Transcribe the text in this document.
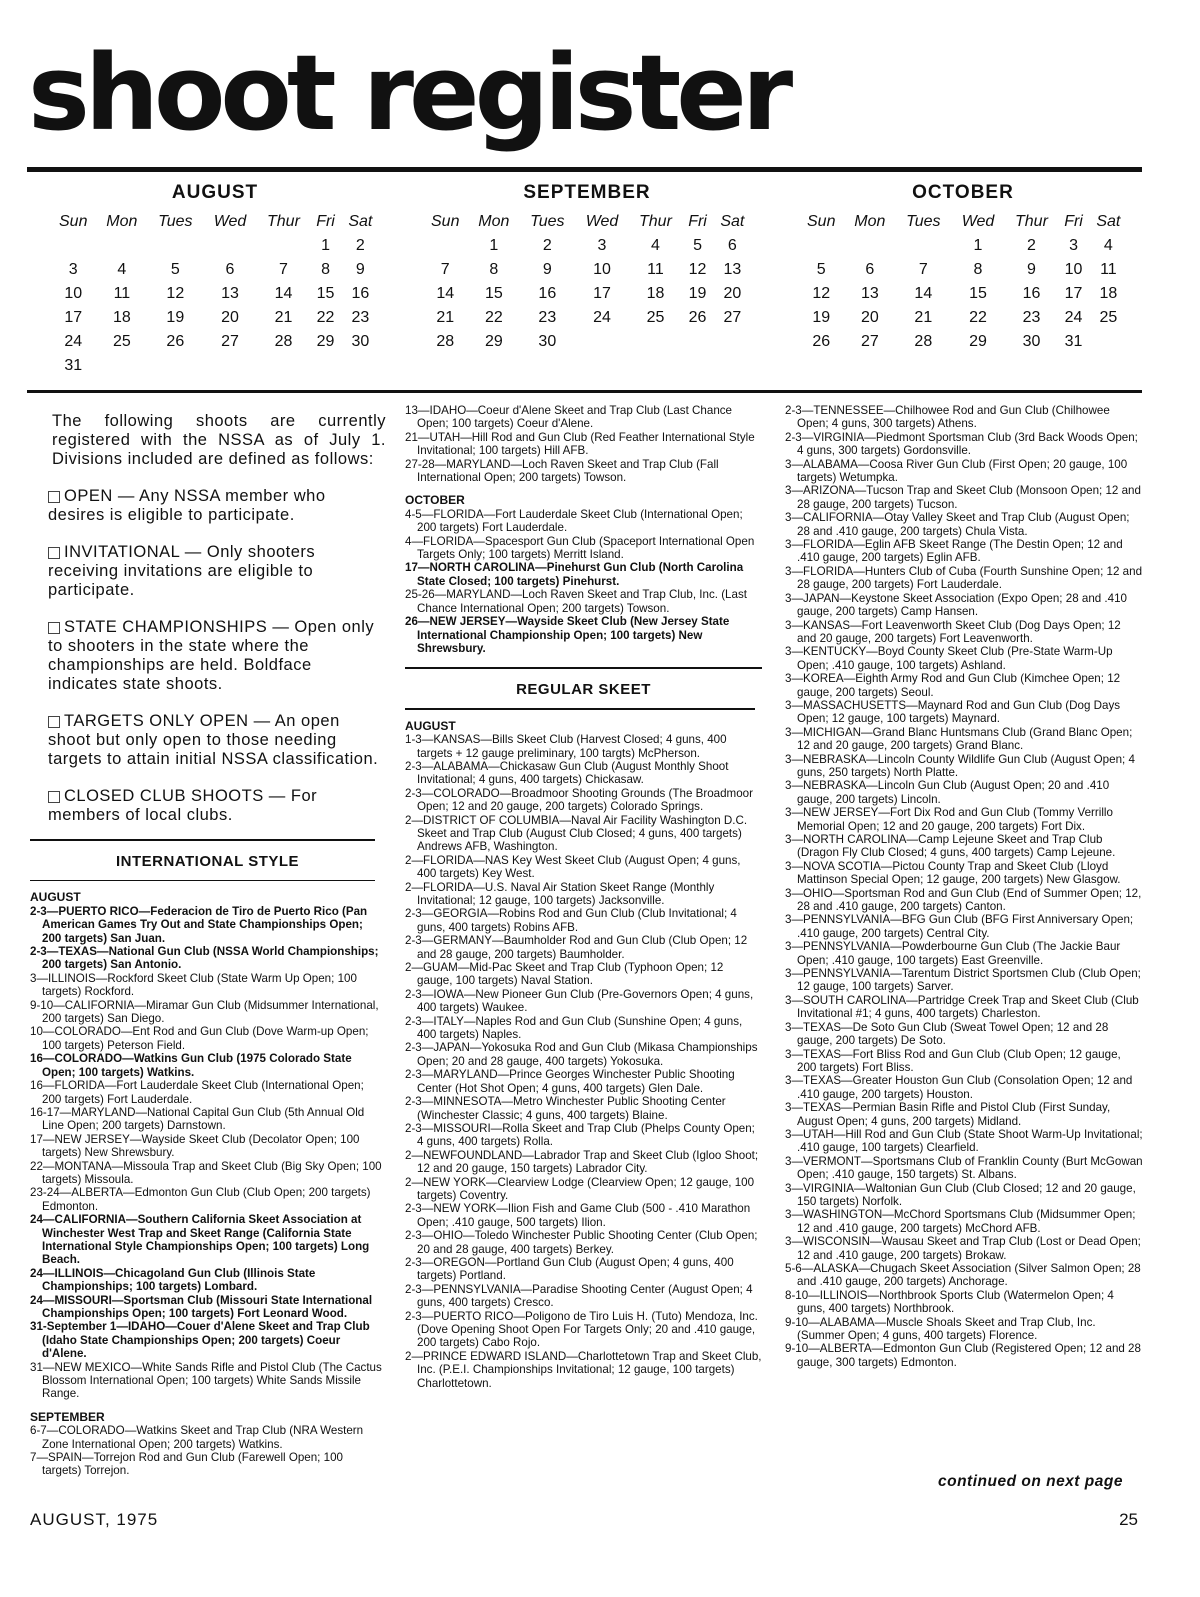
shoot register
AUGUST
Sun	Mon	Tues	Wed	Thur	Fri	Sat
					1	2
3	4	5	6	7	8	9
10	11	12	13	14	15	16
17	18	19	20	21	22	23
24	25	26	27	28	29	30
31						
SEPTEMBER
Sun	Mon	Tues	Wed	Thur	Fri	Sat
	1	2	3	4	5	6
7	8	9	10	11	12	13
14	15	16	17	18	19	20
21	22	23	24	25	26	27
28	29	30				
OCTOBER
Sun	Mon	Tues	Wed	Thur	Fri	Sat
			1	2	3	4
5	6	7	8	9	10	11
12	13	14	15	16	17	18
19	20	21	22	23	24	25
26	27	28	29	30	31	

The following shoots are currently registered with the NSSA as of July 1. Divisions included are defined as follows:

OPEN — Any NSSA member who desires is eligible to participate.
INVITATIONAL — Only shooters receiving invitations are eligible to participate.
STATE CHAMPIONSHIPS — Open only to shooters in the state where the championships are held. Boldface indicates state shoots.
TARGETS ONLY OPEN — An open shoot but only open to those needing targets to attain initial NSSA classification.
CLOSED CLUB SHOOTS — For members of local clubs.
INTERNATIONAL STYLE
AUGUST

2-3—PUERTO RICO—Federacion de Tiro de Puerto Rico (Pan American Games Try Out and State Championships Open; 200 targets) San Juan.

2-3—TEXAS—National Gun Club (NSSA World Championships; 200 targets) San Antonio.

3—ILLINOIS—Rockford Skeet Club (State Warm Up Open; 100 targets) Rockford.

9-10—CALIFORNIA—Miramar Gun Club (Midsummer International, 200 targets) San Diego.

10—COLORADO—Ent Rod and Gun Club (Dove Warm-up Open; 100 targets) Peterson Field.

16—COLORADO—Watkins Gun Club (1975 Colorado State Open; 100 targets) Watkins.

16—FLORIDA—Fort Lauderdale Skeet Club (International Open; 200 targets) Fort Lauderdale.

16-17—MARYLAND—National Capital Gun Club (5th Annual Old Line Open; 200 targets) Darnstown.

17—NEW JERSEY—Wayside Skeet Club (Decolator Open; 100 targets) New Shrewsbury.

22—MONTANA—Missoula Trap and Skeet Club (Big Sky Open; 100 targets) Missoula.

23-24—ALBERTA—Edmonton Gun Club (Club Open; 200 targets) Edmonton.

24—CALIFORNIA—Southern California Skeet Association at Winchester West Trap and Skeet Range (California State International Style Championships Open; 100 targets) Long Beach.

24—ILLINOIS—Chicagoland Gun Club (Illinois State Championships; 100 targets) Lombard.

24—MISSOURI—Sportsman Club (Missouri State International Championships Open; 100 targets) Fort Leonard Wood.

31-September 1—IDAHO—Couer d'Alene Skeet and Trap Club (Idaho State Championships Open; 200 targets) Coeur d'Alene.

31—NEW MEXICO—White Sands Rifle and Pistol Club (The Cactus Blossom International Open; 100 targets) White Sands Missile Range.

SEPTEMBER

6-7—COLORADO—Watkins Skeet and Trap Club (NRA Western Zone International Open; 200 targets) Watkins.

7—SPAIN—Torrejon Rod and Gun Club (Farewell Open; 100 targets) Torrejon.

13—IDAHO—Coeur d'Alene Skeet and Trap Club (Last Chance Open; 100 targets) Coeur d'Alene.

21—UTAH—Hill Rod and Gun Club (Red Feather International Style Invitational; 100 targets) Hill AFB.

27-28—MARYLAND—Loch Raven Skeet and Trap Club (Fall International Open; 200 targets) Towson.

OCTOBER

4-5—FLORIDA—Fort Lauderdale Skeet Club (International Open; 200 targets) Fort Lauderdale.

4—FLORIDA—Spacesport Gun Club (Spaceport International Open Targets Only; 100 targets) Merritt Island.

17—NORTH CAROLINA—Pinehurst Gun Club (North Carolina State Closed; 100 targets) Pinehurst.

25-26—MARYLAND—Loch Raven Skeet and Trap Club, Inc. (Last Chance International Open; 200 targets) Towson.

26—NEW JERSEY—Wayside Skeet Club (New Jersey State International Championship Open; 100 targets) New Shrewsbury.

REGULAR SKEET
AUGUST

1-3—KANSAS—Bills Skeet Club (Harvest Closed; 4 guns, 400 targets + 12 gauge preliminary, 100 targts) McPherson.

2-3—ALABAMA—Chickasaw Gun Club (August Monthly Shoot Invitational; 4 guns, 400 targets) Chickasaw.

2-3—COLORADO—Broadmoor Shooting Grounds (The Broadmoor Open; 12 and 20 gauge, 200 targets) Colorado Springs.

2—DISTRICT OF COLUMBIA—Naval Air Facility Washington D.C. Skeet and Trap Club (August Club Closed; 4 guns, 400 targets) Andrews AFB, Washington.

2—FLORIDA—NAS Key West Skeet Club (August Open; 4 guns, 400 targets) Key West.

2—FLORIDA—U.S. Naval Air Station Skeet Range (Monthly Invitational; 12 gauge, 100 targets) Jacksonville.

2-3—GEORGIA—Robins Rod and Gun Club (Club Invitational; 4 guns, 400 targets) Robins AFB.

2-3—GERMANY—Baumholder Rod and Gun Club (Club Open; 12 and 28 gauge, 200 targets) Baumholder.

2—GUAM—Mid-Pac Skeet and Trap Club (Typhoon Open; 12 gauge, 100 targets) Naval Station.

2-3—IOWA—New Pioneer Gun Club (Pre-Governors Open; 4 guns, 400 targets) Waukee.

2-3—ITALY—Naples Rod and Gun Club (Sunshine Open; 4 guns, 400 targets) Naples.

2-3—JAPAN—Yokosuka Rod and Gun Club (Mikasa Championships Open; 20 and 28 gauge, 400 targets) Yokosuka.

2-3—MARYLAND—Prince Georges Winchester Public Shooting Center (Hot Shot Open; 4 guns, 400 targets) Glen Dale.

2-3—MINNESOTA—Metro Winchester Public Shooting Center (Winchester Classic; 4 guns, 400 targets) Blaine.

2-3—MISSOURI—Rolla Skeet and Trap Club (Phelps County Open; 4 guns, 400 targets) Rolla.

2—NEWFOUNDLAND—Labrador Trap and Skeet Club (Igloo Shoot; 12 and 20 gauge, 150 targets) Labrador City.

2—NEW YORK—Clearview Lodge (Clearview Open; 12 gauge, 100 targets) Coventry.

2-3—NEW YORK—Ilion Fish and Game Club (500 - .410 Marathon Open; .410 gauge, 500 targets) Ilion.

2-3—OHIO—Toledo Winchester Public Shooting Center (Club Open; 20 and 28 gauge, 400 targets) Berkey.

2-3—OREGON—Portland Gun Club (August Open; 4 guns, 400 targets) Portland.

2-3—PENNSYLVANIA—Paradise Shooting Center (August Open; 4 guns, 400 targets) Cresco.

2-3—PUERTO RICO—Poligono de Tiro Luis H. (Tuto) Mendoza, Inc. (Dove Opening Shoot Open For Targets Only; 20 and .410 gauge, 200 targets) Cabo Rojo.

2—PRINCE EDWARD ISLAND—Charlottetown Trap and Skeet Club, Inc. (P.E.I. Championships Invitational; 12 gauge, 100 targets) Charlottetown.

2-3—TENNESSEE—Chilhowee Rod and Gun Club (Chilhowee Open; 4 guns, 300 targets) Athens.

2-3—VIRGINIA—Piedmont Sportsman Club (3rd Back Woods Open; 4 guns, 300 targets) Gordonsville.

3—ALABAMA—Coosa River Gun Club (First Open; 20 gauge, 100 targets) Wetumpka.

3—ARIZONA—Tucson Trap and Skeet Club (Monsoon Open; 12 and 28 gauge, 200 targets) Tucson.

3—CALIFORNIA—Otay Valley Skeet and Trap Club (August Open; 28 and .410 gauge, 200 targets) Chula Vista.

3—FLORIDA—Eglin AFB Skeet Range (The Destin Open; 12 and .410 gauge, 200 targets) Eglin AFB.

3—FLORIDA—Hunters Club of Cuba (Fourth Sunshine Open; 12 and 28 gauge, 200 targets) Fort Lauderdale.

3—JAPAN—Keystone Skeet Association (Expo Open; 28 and .410 gauge, 200 targets) Camp Hansen.

3—KANSAS—Fort Leavenworth Skeet Club (Dog Days Open; 12 and 20 gauge, 200 targets) Fort Leavenworth.

3—KENTUCKY—Boyd County Skeet Club (Pre-State Warm-Up Open; .410 gauge, 100 targets) Ashland.

3—KOREA—Eighth Army Rod and Gun Club (Kimchee Open; 12 gauge, 200 targets) Seoul.

3—MASSACHUSETTS—Maynard Rod and Gun Club (Dog Days Open; 12 gauge, 100 targets) Maynard.

3—MICHIGAN—Grand Blanc Huntsmans Club (Grand Blanc Open; 12 and 20 gauge, 200 targets) Grand Blanc.

3—NEBRASKA—Lincoln County Wildlife Gun Club (August Open; 4 guns, 250 targets) North Platte.

3—NEBRASKA—Lincoln Gun Club (August Open; 20 and .410 gauge, 200 targets) Lincoln.

3—NEW JERSEY—Fort Dix Rod and Gun Club (Tommy Verrillo Memorial Open; 12 and 20 gauge, 200 targets) Fort Dix.

3—NORTH CAROLINA—Camp Lejeune Skeet and Trap Club (Dragon Fly Club Closed; 4 guns, 400 targets) Camp Lejeune.

3—NOVA SCOTIA—Pictou County Trap and Skeet Club (Lloyd Mattinson Special Open; 12 gauge, 200 targets) New Glasgow.

3—OHIO—Sportsman Rod and Gun Club (End of Summer Open; 12, 28 and .410 gauge, 200 targets) Canton.

3—PENNSYLVANIA—BFG Gun Club (BFG First Anniversary Open; .410 gauge, 200 targets) Central City.

3—PENNSYLVANIA—Powderbourne Gun Club (The Jackie Baur Open; .410 gauge, 100 targets) East Greenville.

3—PENNSYLVANIA—Tarentum District Sportsmen Club (Club Open; 12 gauge, 100 targets) Sarver.

3—SOUTH CAROLINA—Partridge Creek Trap and Skeet Club (Club Invitational #1; 4 guns, 400 targets) Charleston.

3—TEXAS—De Soto Gun Club (Sweat Towel Open; 12 and 28 gauge, 200 targets) De Soto.

3—TEXAS—Fort Bliss Rod and Gun Club (Club Open; 12 gauge, 200 targets) Fort Bliss.

3—TEXAS—Greater Houston Gun Club (Consolation Open; 12 and .410 gauge, 200 targets) Houston.

3—TEXAS—Permian Basin Rifle and Pistol Club (First Sunday, August Open; 4 guns, 200 targets) Midland.

3—UTAH—Hill Rod and Gun Club (State Shoot Warm-Up Invitational; .410 gauge, 100 targets) Clearfield.

3—VERMONT—Sportsmans Club of Franklin County (Burt McGowan Open; .410 gauge, 150 targets) St. Albans.

3—VIRGINIA—Waltonian Gun Club (Club Closed; 12 and 20 gauge, 150 targets) Norfolk.

3—WASHINGTON—McChord Sportsmans Club (Midsummer Open; 12 and .410 gauge, 200 targets) McChord AFB.

3—WISCONSIN—Wausau Skeet and Trap Club (Lost or Dead Open; 12 and .410 gauge, 200 targets) Brokaw.

5-6—ALASKA—Chugach Skeet Association (Silver Salmon Open; 28 and .410 gauge, 200 targets) Anchorage.

8-10—ILLINOIS—Northbrook Sports Club (Watermelon Open; 4 guns, 400 targets) Northbrook.

9-10—ALABAMA—Muscle Shoals Skeet and Trap Club, Inc. (Summer Open; 4 guns, 400 targets) Florence.

9-10—ALBERTA—Edmonton Gun Club (Registered Open; 12 and 28 gauge, 300 targets) Edmonton.

continued on next page
AUGUST, 1975	25
